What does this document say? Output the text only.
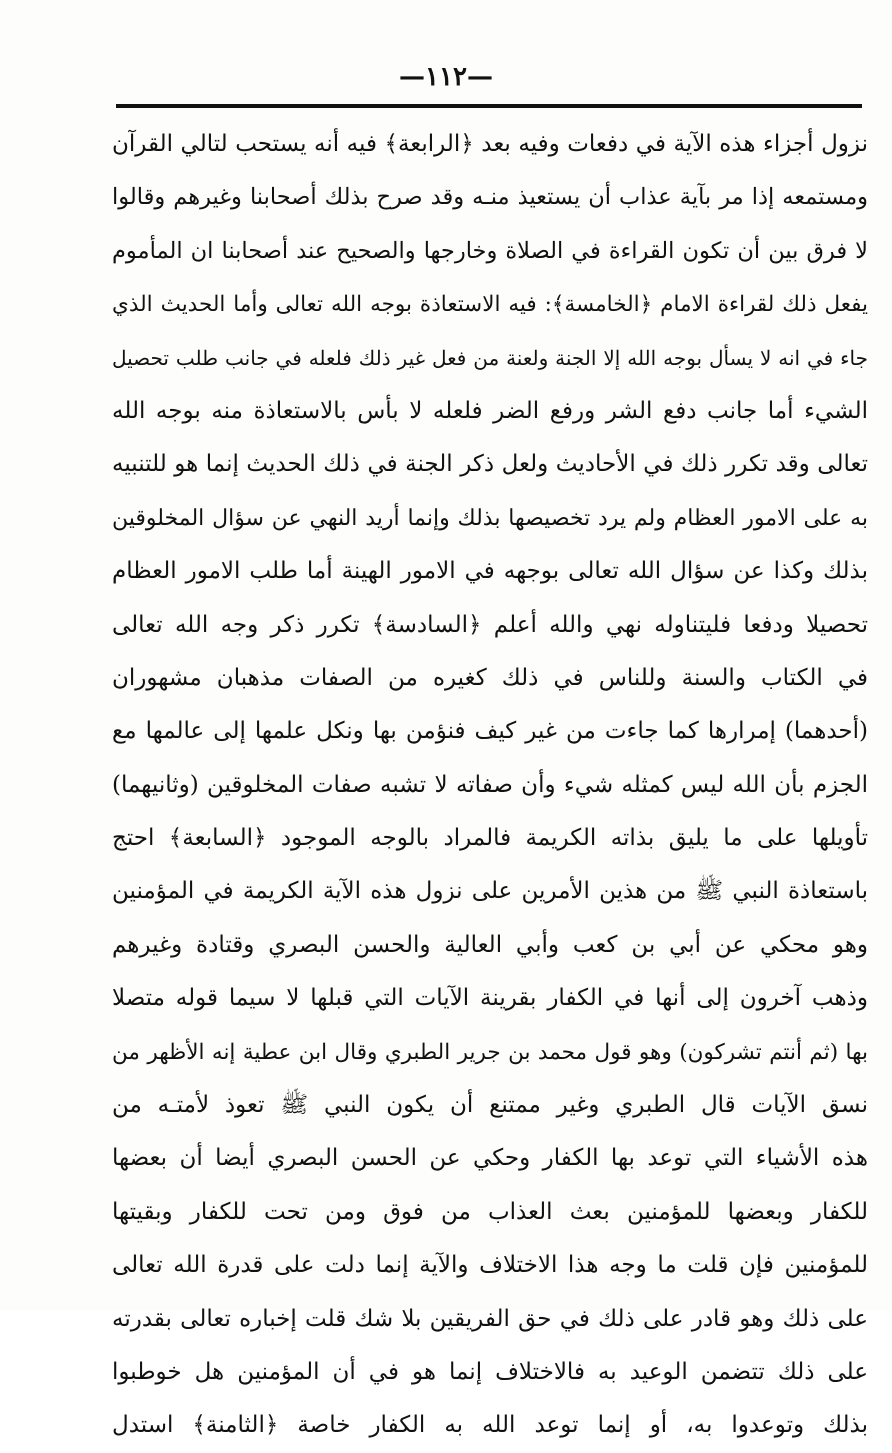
—١١٢—
نزول أجزاء هذه الآية في دفعات وفيه بعد ﴿الرابعة﴾ فيه أنه يستحب لتالي القرآن
ومستمعه إذا مر بآية عذاب أن يستعيذ منـه وقد صرح بذلك أصحابنا وغيرهم وقالوا
لا فرق بين أن تكون القراءة في الصلاة وخارجها والصحيح عند أصحابنا ان المأموم
يفعل ذلك لقراءة الامام ﴿الخامسة﴾: فيه الاستعاذة بوجه الله تعالى وأما الحديث الذي
جاء في انه لا يسأل بوجه الله إلا الجنة ولعنة من فعل غير ذلك فلعله في جانب طلب تحصيل
الشيء أما جانب دفع الشر ورفع الضر فلعله لا بأس بالاستعاذة منه بوجه الله
تعالى وقد تكرر ذلك في الأحاديث ولعل ذكر الجنة في ذلك الحديث إنما هو للتنبيه
به على الامور العظام ولم يرد تخصيصها بذلك وإنما أريد النهي عن سؤال المخلوقين
بذلك وكذا عن سؤال الله تعالى بوجهه في الامور الهينة أما طلب الامور العظام
تحصيلا ودفعا فليتناوله نهي والله أعلم ﴿السادسة﴾ تكرر ذكر وجه الله تعالى
في الكتاب والسنة وللناس في ذلك كغيره من الصفات مذهبان مشهوران
(أحدهما) إمرارها كما جاءت من غير كيف فنؤمن بها ونكل علمها إلى عالمها مع
الجزم بأن الله ليس كمثله شيء وأن صفاته لا تشبه صفات المخلوقين (وثانيهما)
تأويلها على ما يليق بذاته الكريمة فالمراد بالوجه الموجود ﴿السابعة﴾ احتج
باستعاذة النبي ﷺ من هذين الأمرين على نزول هذه الآية الكريمة في المؤمنين
وهو محكي عن أبي بن كعب وأبي العالية والحسن البصري وقتادة وغيرهم
وذهب آخرون إلى أنها في الكفار بقرينة الآيات التي قبلها لا سيما قوله متصلا
بها (ثم أنتم تشركون) وهو قول محمد بن جرير الطبري وقال ابن عطية إنه الأظهر من
نسق الآيات قال الطبري وغير ممتنع أن يكون النبي ﷺ تعوذ لأمتـه من
هذه الأشياء التي توعد بها الكفار وحكي عن الحسن البصري أيضا أن بعضها
للكفار وبعضها للمؤمنين بعث العذاب من فوق ومن تحت للكفار وبقيتها
للمؤمنين فإن قلت ما وجه هذا الاختلاف والآية إنما دلت على قدرة الله تعالى
على ذلك وهو قادر على ذلك في حق الفريقين بلا شك قلت إخباره تعالى بقدرته
على ذلك تتضمن الوعيد به فالاختلاف إنما هو في أن المؤمنين هل خوطبوا
بذلك وتوعدوا به، أو إنما توعد الله به الكفار خاصة ﴿الثامنة﴾ استدل
